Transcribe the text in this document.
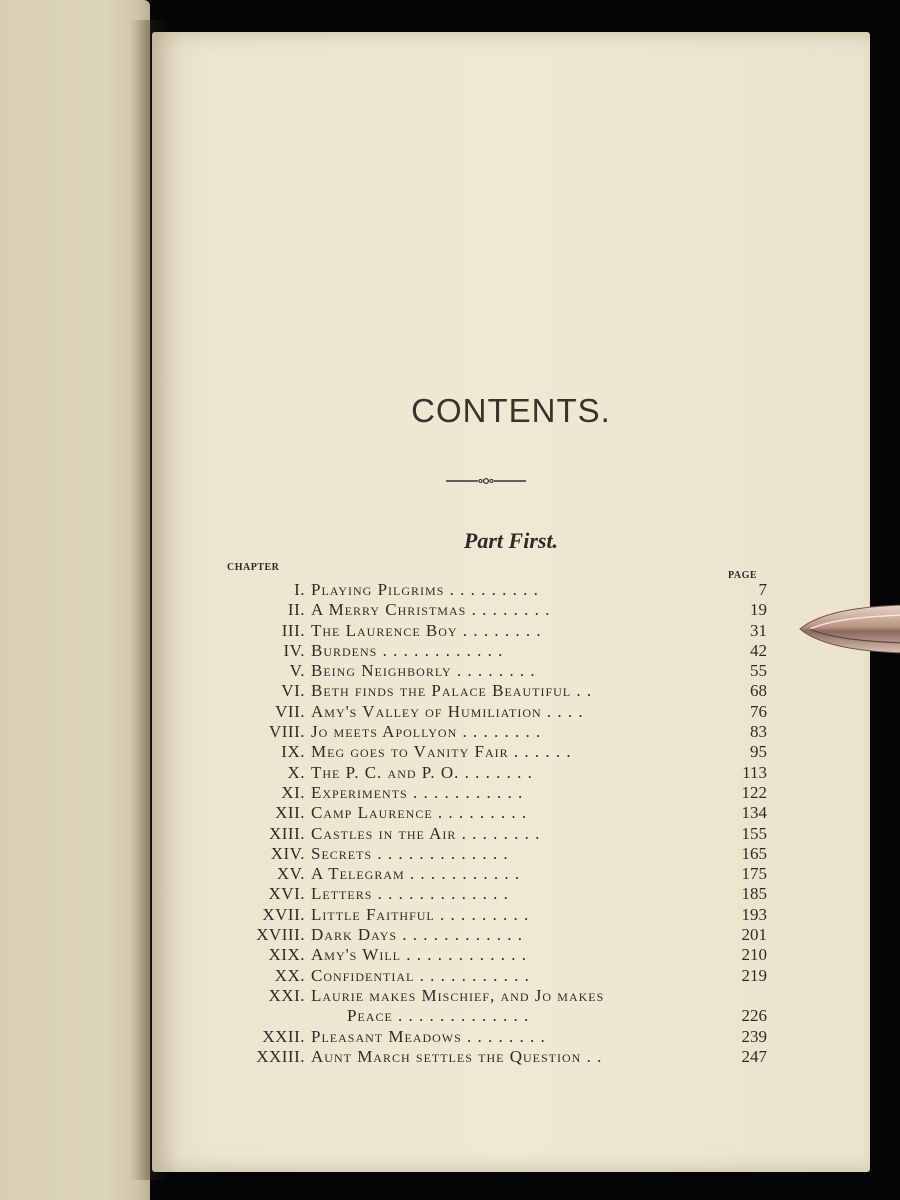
CONTENTS.
Part First.
CHAPTER
PAGE
I. Playing Pilgrims . . . . . . . . .	7
II. A Merry Christmas . . . . . . . .	19
III. The Laurence Boy . . . . . . . .	31
IV. Burdens . . . . . . . . . . . .	42
V. Being Neighborly . . . . . . . .	55
VI. Beth finds the Palace Beautiful . .	68
VII. Amy's Valley of Humiliation . . . .	76
VIII. Jo meets Apollyon . . . . . . . .	83
IX. Meg goes to Vanity Fair . . . . . .	95
X. The P. C. and P. O. . . . . . . .	113
XI. Experiments . . . . . . . . . . .	122
XII. Camp Laurence . . . . . . . . .	134
XIII. Castles in the Air . . . . . . . .	155
XIV. Secrets . . . . . . . . . . . . .	165
XV. A Telegram . . . . . . . . . . .	175
XVI. Letters . . . . . . . . . . . . .	185
XVII. Little Faithful . . . . . . . . .	193
XVIII. Dark Days . . . . . . . . . . . .	201
XIX. Amy's Will . . . . . . . . . . . .	210
XX. Confidential . . . . . . . . . . .	219
XXI. Laurie makes Mischief, and Jo makes
Peace . . . . . . . . . . . . .	226
XXII. Pleasant Meadows . . . . . . . .	239
XXIII. Aunt March settles the Question . .	247
